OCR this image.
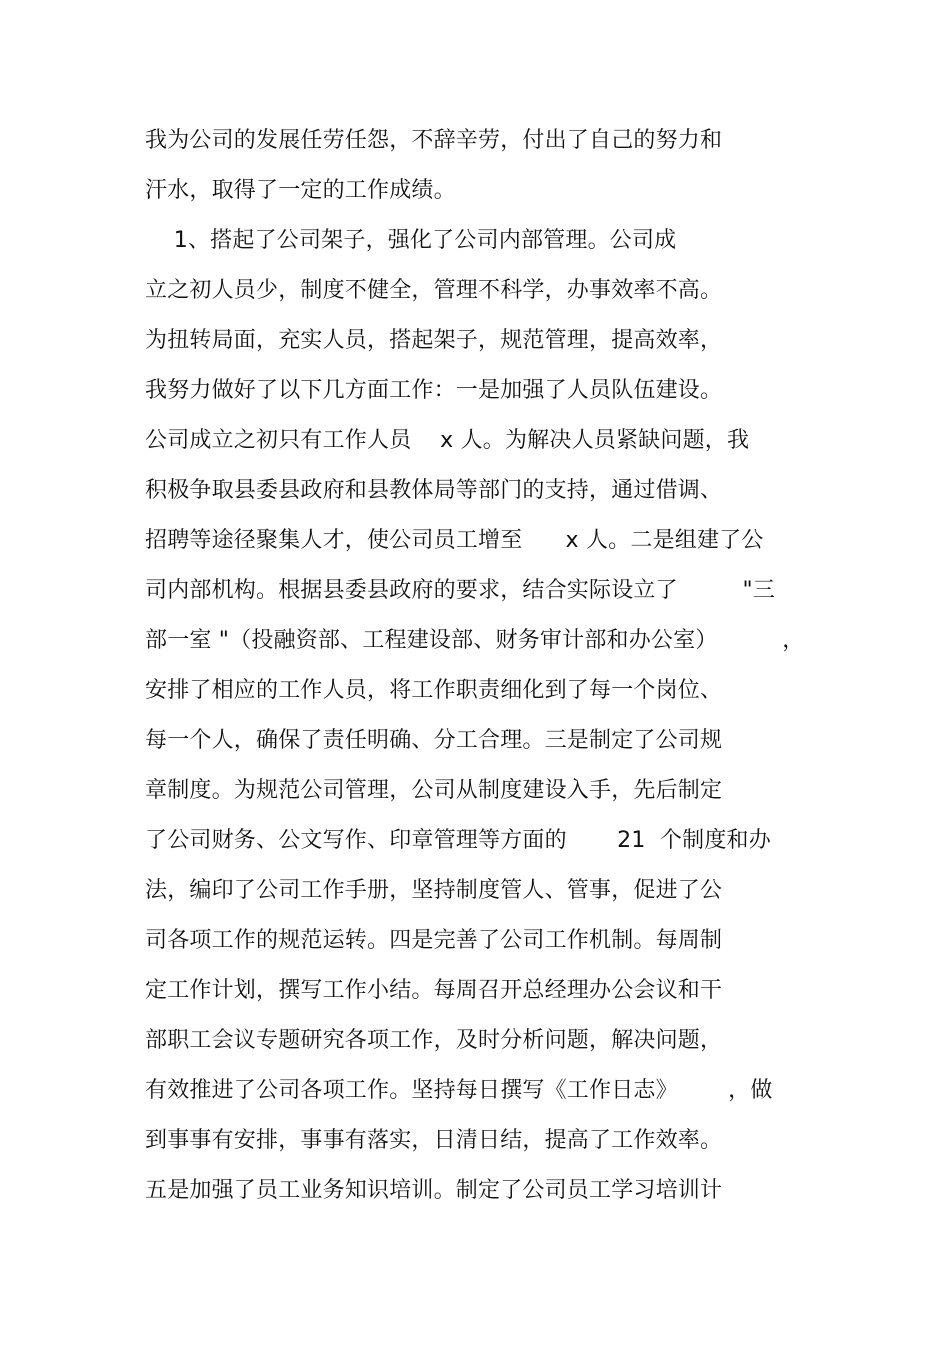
我为公司的发展任劳任怨，不辞辛劳，付出了自己的努力和
汗水，取得了一定的工作成绩。
1、搭起了公司架子，强化了公司内部管理。公司成
立之初人员少，制度不健全，管理不科学，办事效率不高。
为扭转局面，充实人员，搭起架子，规范管理，提高效率，
我努力做好了以下几方面工作：一是加强了人员队伍建设。
公司成立之初只有工作人员    x 人。为解决人员紧缺问题，我
积极争取县委县政府和县教体局等部门的支持，通过借调、
招聘等途径聚集人才，使公司员工增至      x 人。二是组建了公
司内部机构。根据县委县政府的要求，结合实际设立了         "三
部一室 "（投融资部、工程建设部、财务审计部和办公室）         ，
安排了相应的工作人员，将工作职责细化到了每一个岗位、
每一个人，确保了责任明确、分工合理。三是制定了公司规
章制度。为规范公司管理，公司从制度建设入手，先后制定
了公司财务、公文写作、印章管理等方面的       21  个制度和办
法，编印了公司工作手册，坚持制度管人、管事，促进了公
司各项工作的规范运转。四是完善了公司工作机制。每周制
定工作计划，撰写工作小结。每周召开总经理办公会议和干
部职工会议专题研究各项工作，及时分析问题，解决问题，
有效推进了公司各项工作。坚持每日撰写《工作日志》       ，做
到事事有安排，事事有落实，日清日结，提高了工作效率。
五是加强了员工业务知识培训。制定了公司员工学习培训计
